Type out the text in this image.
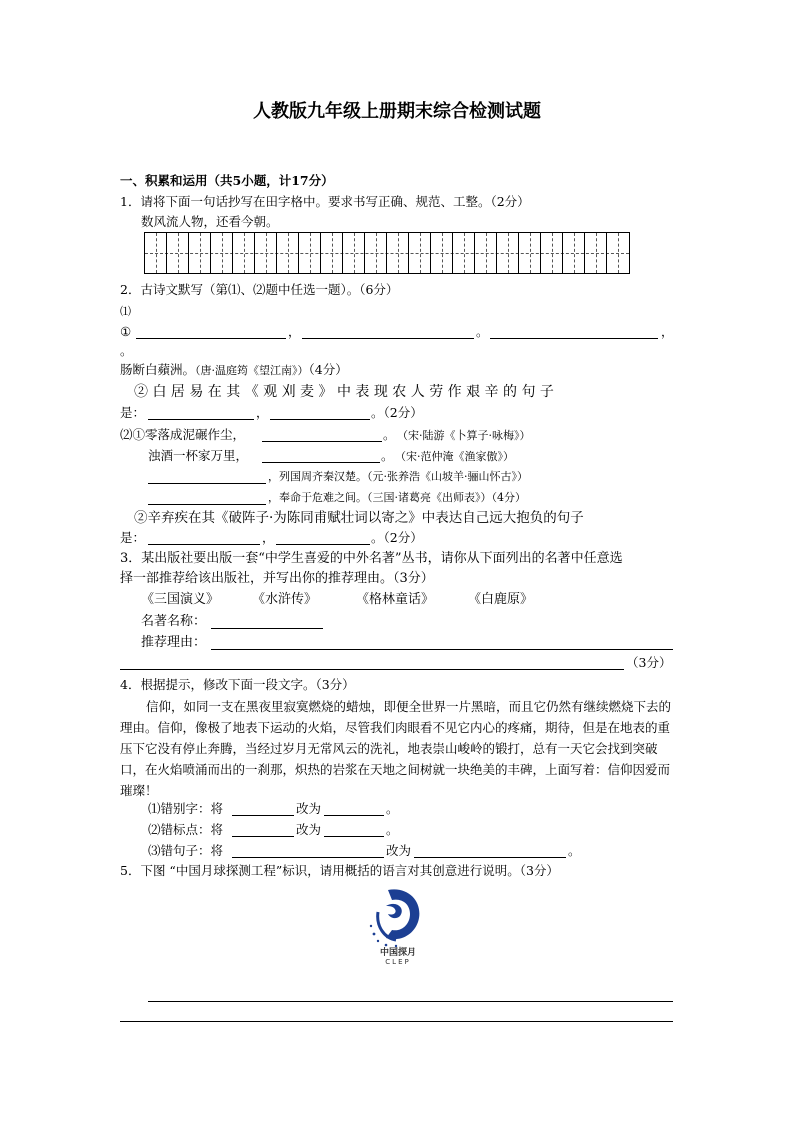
人教版九年级上册期末综合检测试题
一、积累和运用（共5小题，计17分）
1．请将下面一句话抄写在田字格中。要求书写正确、规范、工整。（2分）
数风流人物，还看今朝。
2．古诗文默写（第⑴、⑵题中任选一题）。（6分）
⑴
①	，	。	，
。
肠断白蘋洲。（唐·温庭筠《望江南》）（4分）
② 白 居 易 在 其 《 观 刈 麦 》 中 表 现 农 人 劳 作 艰 辛 的 句 子
是：	，	。（2分）
⑵①零落成泥碾作尘，	。 （宋·陆游《卜算子·咏梅》）
浊酒一杯家万里，	。 （宋·范仲淹《渔家傲》）
，列国周齐秦汉楚。（元·张养浩《山坡羊·骊山怀古》）
，奉命于危难之间。（三国·诸葛亮《出师表》）（4分）
②辛弃疾在其《破阵子·为陈同甫赋壮词以寄之》中表达自己远大抱负的句子
是：	，	。（2分）
3．某出版社要出版一套“中学生喜爱的中外名著”丛书，请你从下面列出的名著中任意选
择一部推荐给该出版社，并写出你的推荐理由。（3分）
《三国演义》	《水浒传》	《格林童话》	《白鹿原》
名著名称：
推荐理由：
（3分）
4．根据提示，修改下面一段文字。（3分）
信仰，如同一支在黑夜里寂寞燃烧的蜡烛，即便全世界一片黑暗，而且它仍然有继续燃烧下去的理由。信仰，像极了地表下运动的火焰，尽管我们肉眼看不见它内心的疼痛，期待，但是在地表的重压下它没有停止奔腾，当经过岁月无常风云的洗礼，地表崇山峻岭的锻打，总有一天它会找到突破口，在火焰喷涌而出的一刹那，炽热的岩浆在天地之间树就一块绝美的丰碑，上面写着：信仰因爱而璀璨！
⑴错别字：将	改为	。
⑵错标点：将	改为	。
⑶错句子：将	改为	。
5．下图 “中国月球探测工程”标识，请用概括的语言对其创意进行说明。（3分）
中国探月
CLEP
